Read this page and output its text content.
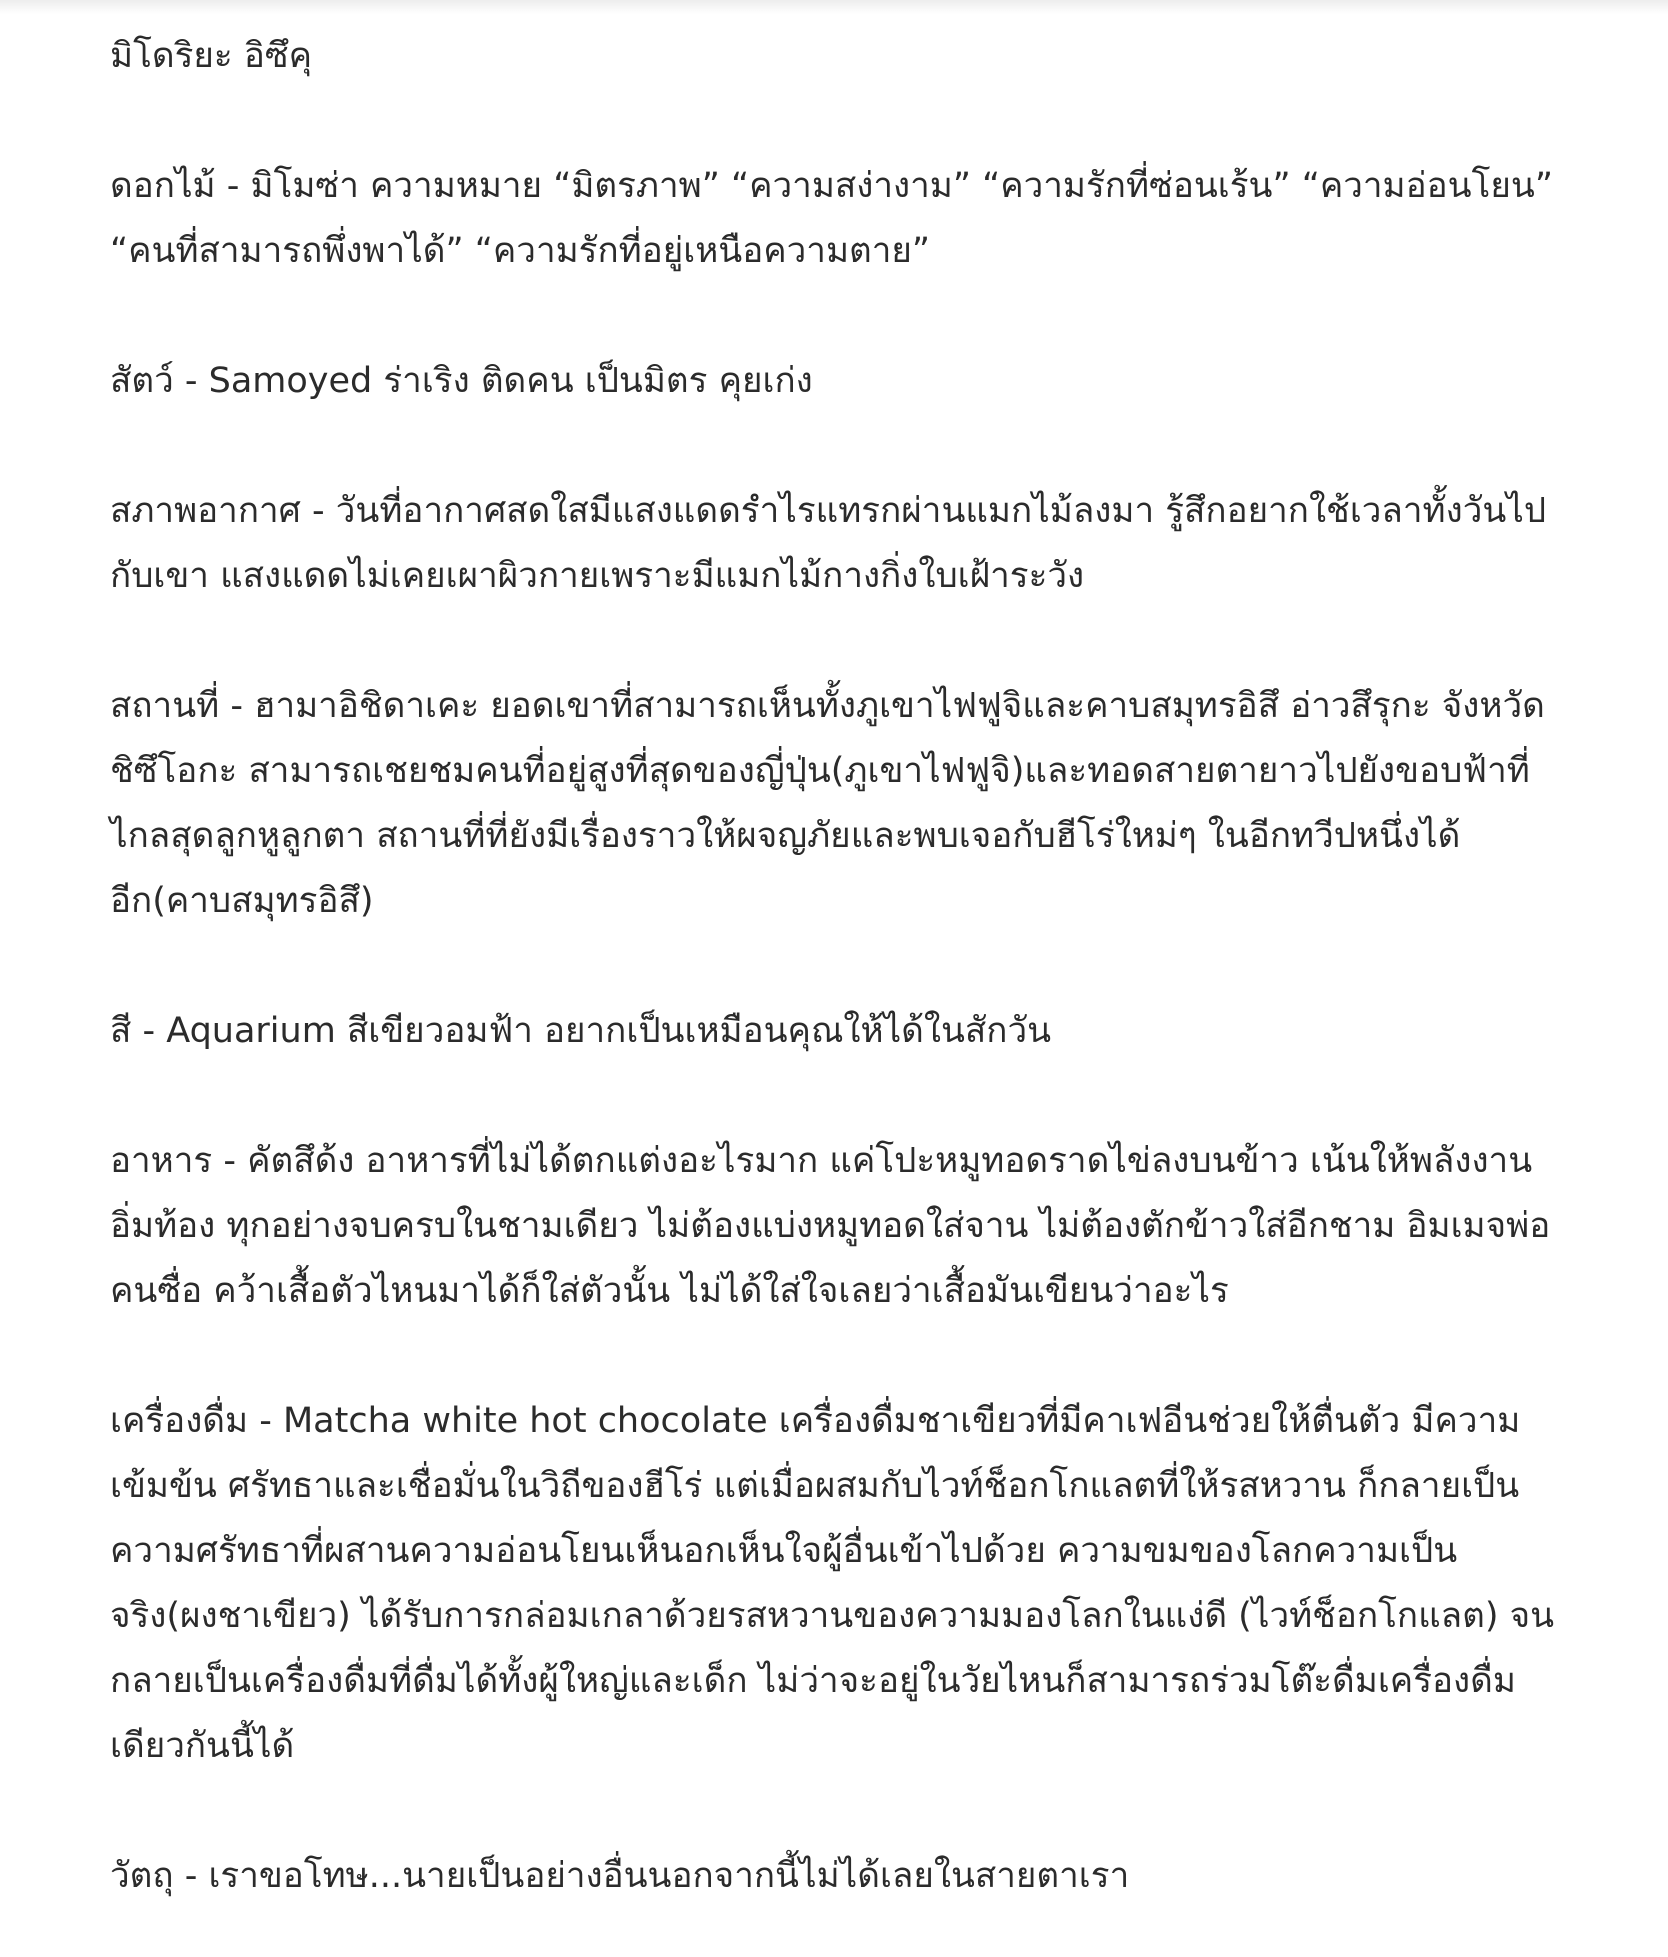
มิโดริยะ อิซึคุ

ดอกไม้ - มิโมซ่า ความหมาย “มิตรภาพ” “ความสง่างาม” “ความรักที่ซ่อนเร้น” “ความอ่อนโยน” “คนที่สามารถพึ่งพาได้” “ความรักที่อยู่เหนือความตาย”

สัตว์ - Samoyed ร่าเริง ติดคน เป็นมิตร คุยเก่ง

สภาพอากาศ - วันที่อากาศสดใสมีแสงแดดรำไรแทรกผ่านแมกไม้ลงมา รู้สึกอยากใช้เวลาทั้งวันไปกับเขา แสงแดดไม่เคยเผาผิวกายเพราะมีแมกไม้กางกิ่งใบเฝ้าระวัง

สถานที่ - ฮามาอิชิดาเคะ ยอดเขาที่สามารถเห็นทั้งภูเขาไฟฟูจิและคาบสมุทรอิสึ อ่าวสึรุกะ จังหวัดชิซึโอกะ สามารถเชยชมคนที่อยู่สูงที่สุดของญี่ปุ่น(ภูเขาไฟฟูจิ)และทอดสายตายาวไปยังขอบฟ้าที่ไกลสุดลูกหูลูกตา สถานที่ที่ยังมีเรื่องราวให้ผจญภัยและพบเจอกับฮีโร่ใหม่ๆ ในอีกทวีปหนึ่งได้อีก(คาบสมุทรอิสึ)

สี - Aquarium สีเขียวอมฟ้า อยากเป็นเหมือนคุณให้ได้ในสักวัน

อาหาร - คัตสึด้ง อาหารที่ไม่ได้ตกแต่งอะไรมาก แค่โปะหมูทอดราดไข่ลงบนข้าว เน้นให้พลังงานอิ่มท้อง ทุกอย่างจบครบในชามเดียว ไม่ต้องแบ่งหมูทอดใส่จาน ไม่ต้องตักข้าวใส่อีกชาม อิมเมจพ่อคนซื่อ คว้าเสื้อตัวไหนมาได้ก็ใส่ตัวนั้น ไม่ได้ใส่ใจเลยว่าเสื้อมันเขียนว่าอะไร

เครื่องดื่ม - Matcha white hot chocolate เครื่องดื่มชาเขียวที่มีคาเฟอีนช่วยให้ตื่นตัว มีความเข้มข้น ศรัทธาและเชื่อมั่นในวิถีของฮีโร่ แต่เมื่อผสมกับไวท์ช็อกโกแลตที่ให้รสหวาน ก็กลายเป็นความศรัทธาที่ผสานความอ่อนโยนเห็นอกเห็นใจผู้อื่นเข้าไปด้วย ความขมของโลกความเป็นจริง(ผงชาเขียว) ได้รับการกล่อมเกลาด้วยรสหวานของความมองโลกในแง่ดี (ไวท์ช็อกโกแลต) จนกลายเป็นเครื่องดื่มที่ดื่มได้ทั้งผู้ใหญ่และเด็ก ไม่ว่าจะอยู่ในวัยไหนก็สามารถร่วมโต๊ะดื่มเครื่องดื่มเดียวกันนี้ได้

วัตถุ - เราขอโทษ...นายเป็นอย่างอื่นนอกจากนี้ไม่ได้เลยในสายตาเรา
